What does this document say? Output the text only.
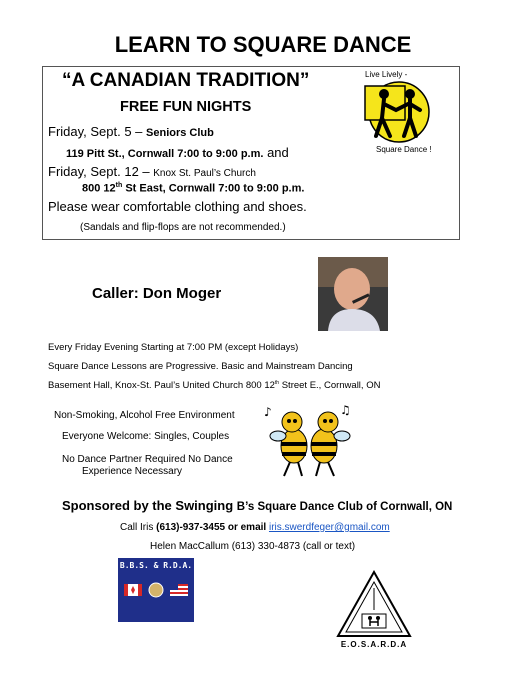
LEARN TO SQUARE DANCE
“A CANADIAN TRADITION”
FREE FUN NIGHTS
Friday, Sept. 5 – Seniors Club
119 Pitt St., Cornwall 7:00 to 9:00 p.m. and
Friday, Sept. 12 – Knox St. Paul’s Church
800 12th St East, Cornwall 7:00 to 9:00 p.m.
Please wear comfortable clothing and shoes.
(Sandals and flip-flops are not recommended.)
Live Lively -
Square Dance !
Caller: Don Moger
Every Friday Evening Starting at 7:00 PM (except Holidays)
Square Dance Lessons are Progressive. Basic and Mainstream Dancing
Basement Hall, Knox-St. Paul’s United Church 800 12th Street E., Cornwall, ON
Non-Smoking, Alcohol Free Environment
Everyone Welcome: Singles, Couples
No Dance Partner Required No Dance
Experience Necessary
♪	♫
Sponsored by the Swinging B’s Square Dance Club of Cornwall, ON
Call Iris (613)-937-3455 or email iris.swerdfeger@gmail.com
Helen MacCallum (613) 330-4873 (call or text)
B.B.S. & R.D.A.
E.O.S.A.R.D.A
